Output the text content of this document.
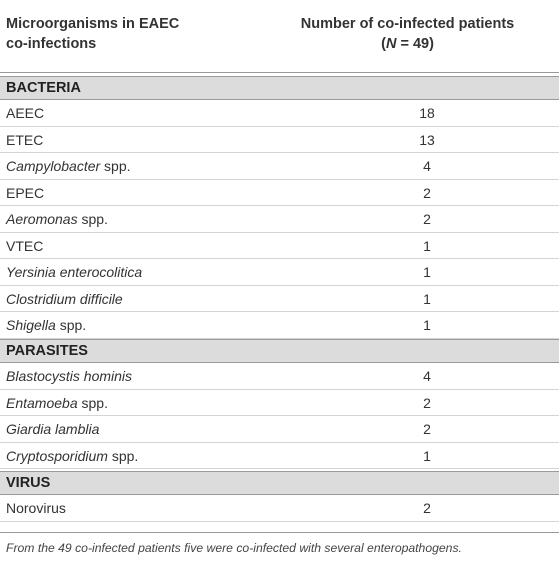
Microorganisms in EAEC
co-infections
Number of co-infected patients
(N = 49)
BACTERIA
AEEC	18
ETEC	13
Campylobacter spp.	4
EPEC	2
Aeromonas spp.	2
VTEC	1
Yersinia enterocolitica	1
Clostridium difficile	1
Shigella spp.	1
PARASITES
Blastocystis hominis	4
Entamoeba spp.	2
Giardia lamblia	2
Cryptosporidium spp.	1
VIRUS
Norovirus	2
From the 49 co-infected patients five were co-infected with several enteropathogens.
